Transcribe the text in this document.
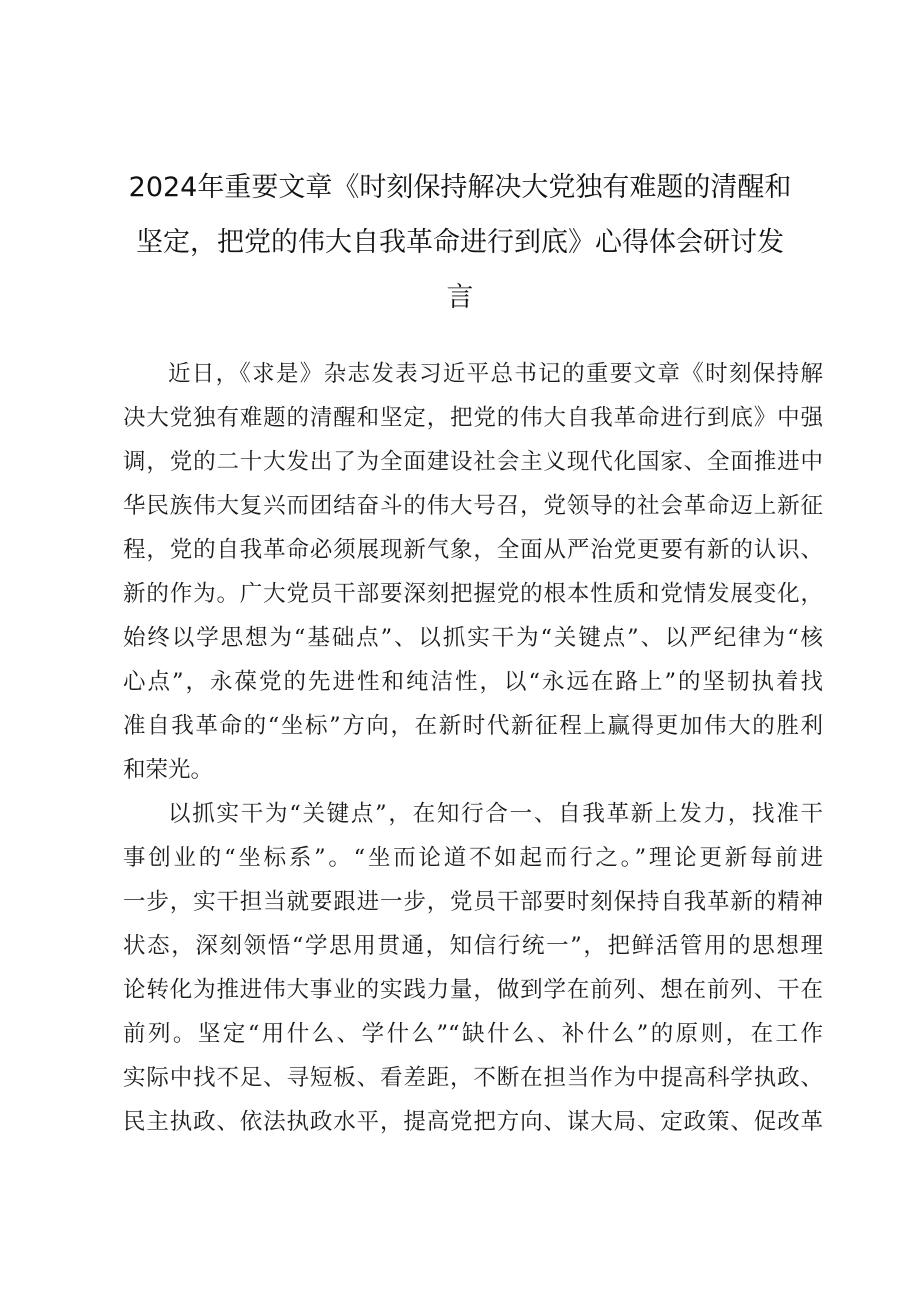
2024年重要文章《时刻保持解决大党独有难题的清醒和
坚定，把党的伟大自我革命进行到底》心得体会研讨发
言

近日，《求是》杂志发表习近平总书记的重要文章《时刻保持解
决大党独有难题的清醒和坚定，把党的伟大自我革命进行到底》中强
调，党的二十大发出了为全面建设社会主义现代化国家、全面推进中
华民族伟大复兴而团结奋斗的伟大号召，党领导的社会革命迈上新征
程，党的自我革命必须展现新气象，全面从严治党更要有新的认识、
新的作为。广大党员干部要深刻把握党的根本性质和党情发展变化，
始终以学思想为“基础点”、以抓实干为“关键点”、以严纪律为“核
心点”，永葆党的先进性和纯洁性，以“永远在路上”的坚韧执着找
准自我革命的“坐标”方向，在新时代新征程上赢得更加伟大的胜利
和荣光。

以抓实干为“关键点”，在知行合一、自我革新上发力，找准干
事创业的“坐标系”。“坐而论道不如起而行之。”理论更新每前进
一步，实干担当就要跟进一步，党员干部要时刻保持自我革新的精神
状态，深刻领悟“学思用贯通，知信行统一”，把鲜活管用的思想理
论转化为推进伟大事业的实践力量，做到学在前列、想在前列、干在
前列。坚定“用什么、学什么”“缺什么、补什么”的原则，在工作
实际中找不足、寻短板、看差距，不断在担当作为中提高科学执政、
民主执政、依法执政水平，提高党把方向、谋大局、定政策、促改革
